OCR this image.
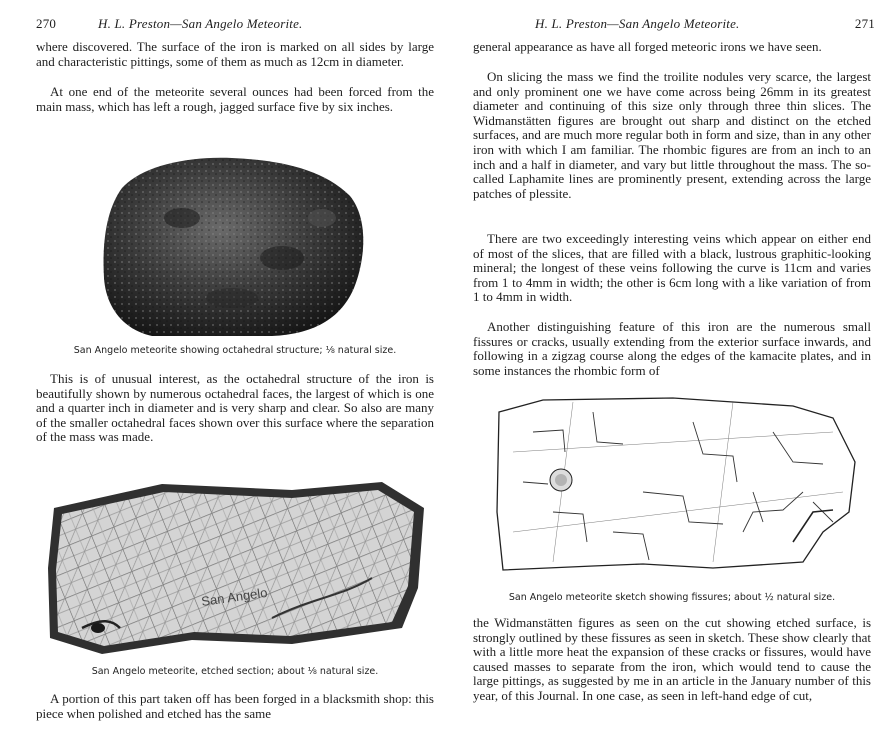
270	H. L. Preston—San Angelo Meteorite.

where discovered. The surface of the iron is marked on all sides by large and characteristic pittings, some of them as much as 12cm in diameter.

At one end of the meteorite several ounces had been forced from the main mass, which has left a rough, jagged surface five by six inches.

San Angelo meteorite showing octahedral structure; ⅛ natural size.

This is of unusual interest, as the octahedral structure of the iron is beautifully shown by numerous octahedral faces, the largest of which is one and a quarter inch in diameter and is very sharp and clear. So also are many of the smaller octahedral faces shown over this surface where the separation of the mass was made.

San Angelo
San Angelo meteorite, etched section; about ⅛ natural size.

A portion of this part taken off has been forged in a blacksmith shop: this piece when polished and etched has the same

H. L. Preston—San Angelo Meteorite.	271

general appearance as have all forged meteoric irons we have seen.

On slicing the mass we find the troilite nodules very scarce, the largest and only prominent one we have come across being 26mm in its greatest diameter and continuing of this size only through three thin slices. The Widmanstätten figures are brought out sharp and distinct on the etched surfaces, and are much more regular both in form and size, than in any other iron with which I am familiar. The rhombic figures are from an inch to an inch and a half in diameter, and vary but little throughout the mass. The so-called Laphamite lines are prominently present, extending across the large patches of plessite.

There are two exceedingly interesting veins which appear on either end of most of the slices, that are filled with a black, lustrous graphitic-looking mineral; the longest of these veins following the curve is 11cm and varies from 1 to 4mm in width; the other is 6cm long with a like variation of from 1 to 4mm in width.

Another distinguishing feature of this iron are the numerous small fissures or cracks, usually extending from the exterior surface inwards, and following in a zigzag course along the edges of the kamacite plates, and in some instances the rhombic form of

San Angelo meteorite sketch showing fissures; about ½ natural size.

the Widmanstätten figures as seen on the cut showing etched surface, is strongly outlined by these fissures as seen in sketch. These show clearly that with a little more heat the expansion of these cracks or fissures, would have caused masses to separate from the iron, which would tend to cause the large pittings, as suggested by me in an article in the January number of this year, of this Journal. In one case, as seen in left-hand edge of cut,
